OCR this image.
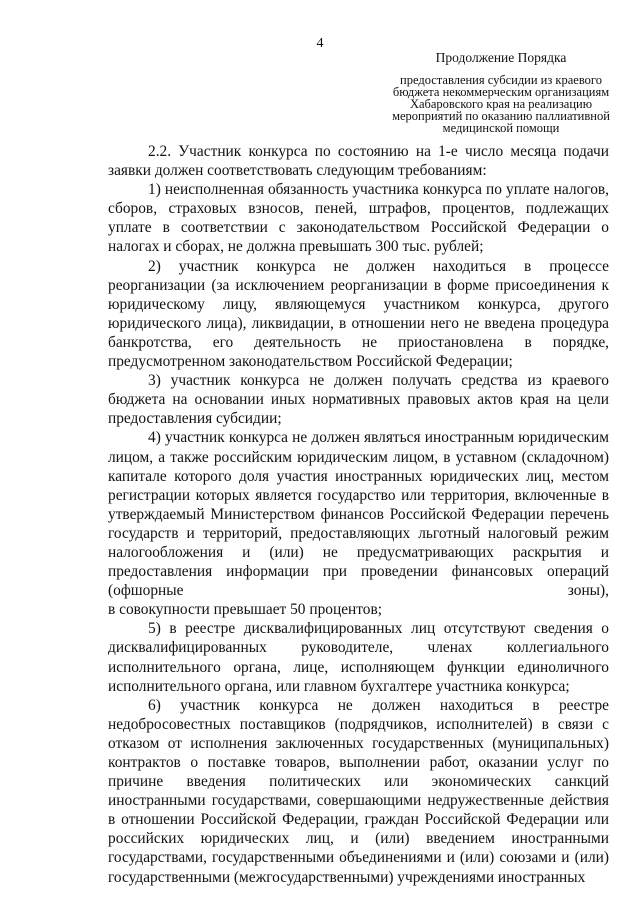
4
Продолжение Порядка
предоставления субсидии из краевого бюджета некоммерческим организациям Хабаровского края на реализацию мероприятий по оказанию паллиативной медицинской помощи

2.2. Участник конкурса по состоянию на 1-е число месяца подачи заявки должен соответствовать следующим требованиям:

1) неисполненная обязанность участника конкурса по уплате налогов, сборов, страховых взносов, пеней, штрафов, процентов, подлежащих уплате в соответствии с законодательством Российской Федерации о налогах и сборах, не должна превышать 300 тыс. рублей;

2) участник конкурса не должен находиться в процессе реорганизации (за исключением реорганизации в форме присоединения к юридическому лицу, являющемуся участником конкурса, другого юридического лица), ликвидации, в отношении него не введена процедура банкротства, его деятельность не приостановлена в порядке, предусмотренном законодательством Российской Федерации;

3) участник конкурса не должен получать средства из краевого бюджета на основании иных нормативных правовых актов края на цели предоставления субсидии;

4) участник конкурса не должен являться иностранным юридическим лицом, а также российским юридическим лицом, в уставном (складочном) капитале которого доля участия иностранных юридических лиц, местом регистрации которых является государство или территория, включенные в утверждаемый Министерством финансов Российской Федерации перечень государств и территорий, предоставляющих льготный налоговый режим налогообложения и (или) не предусматривающих раскрытия и предоставления информации при проведении финансовых операций (офшорные зоны),

в совокупности превышает 50 процентов;

5) в реестре дисквалифицированных лиц отсутствуют сведения о дисквалифицированных руководителе, членах коллегиального исполнительного органа, лице, исполняющем функции единоличного исполнительного органа, или главном бухгалтере участника конкурса;

6) участник конкурса не должен находиться в реестре недобросовестных поставщиков (подрядчиков, исполнителей) в связи с отказом от исполнения заключенных государственных (муниципальных) контрактов о поставке товаров, выполнении работ, оказании услуг по причине введения политических или экономических санкций иностранными государствами, совершающими недружественные действия в отношении Российской Федерации, граждан Российской Федерации или российских юридических лиц, и (или) введением иностранными государствами, государственными объединениями и (или) союзами и (или) государственными (межгосударственными) учреждениями иностранных
